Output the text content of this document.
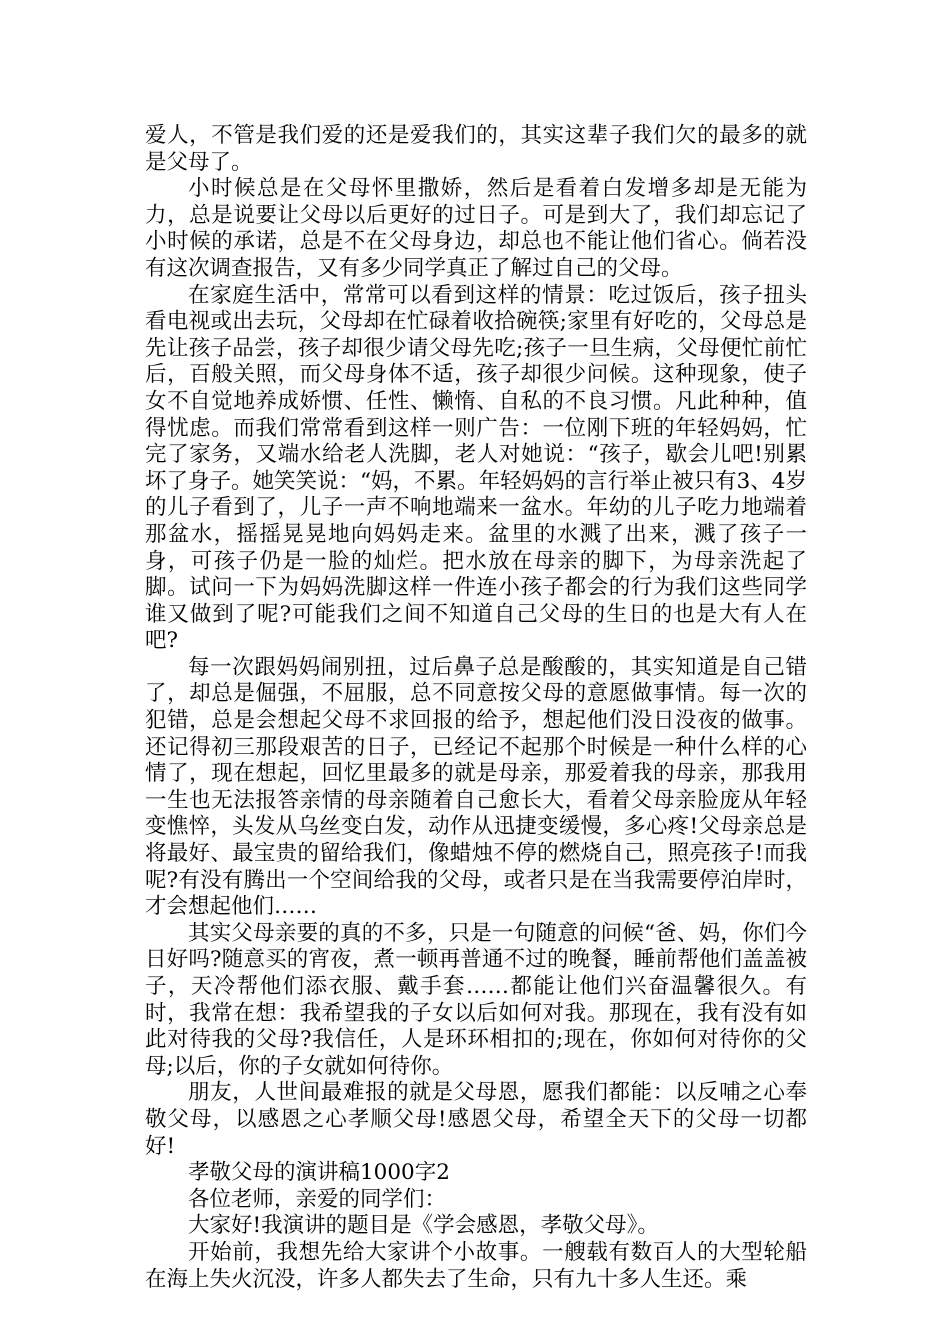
爱人，不管是我们爱的还是爱我们的，其实这辈子我们欠的最多的就是父母了。

小时候总是在父母怀里撒娇，然后是看着白发增多却是无能为力，总是说要让父母以后更好的过日子。可是到大了，我们却忘记了小时候的承诺，总是不在父母身边，却总也不能让他们省心。倘若没有这次调查报告，又有多少同学真正了解过自己的父母。

在家庭生活中，常常可以看到这样的情景：吃过饭后，孩子扭头看电视或出去玩，父母却在忙碌着收拾碗筷;家里有好吃的，父母总是先让孩子品尝，孩子却很少请父母先吃;孩子一旦生病，父母便忙前忙后，百般关照，而父母身体不适，孩子却很少问候。这种现象，使子女不自觉地养成娇惯、任性、懒惰、自私的不良习惯。凡此种种，值得忧虑。而我们常常看到这样一则广告：一位刚下班的年轻妈妈，忙完了家务，又端水给老人洗脚，老人对她说：“孩子，歇会儿吧!别累坏了身子。她笑笑说：“妈，不累。年轻妈妈的言行举止被只有3、4岁的儿子看到了，儿子一声不响地端来一盆水。年幼的儿子吃力地端着那盆水，摇摇晃晃地向妈妈走来。盆里的水溅了出来，溅了孩子一身，可孩子仍是一脸的灿烂。把水放在母亲的脚下，为母亲洗起了脚。试问一下为妈妈洗脚这样一件连小孩子都会的行为我们这些同学谁又做到了呢?可能我们之间不知道自己父母的生日的也是大有人在吧?

每一次跟妈妈闹别扭，过后鼻子总是酸酸的，其实知道是自己错了，却总是倔强，不屈服，总不同意按父母的意愿做事情。每一次的犯错，总是会想起父母不求回报的给予，想起他们没日没夜的做事。还记得初三那段艰苦的日子，已经记不起那个时候是一种什么样的心情了，现在想起，回忆里最多的就是母亲，那爱着我的母亲，那我用一生也无法报答亲情的母亲随着自己愈长大，看着父母亲脸庞从年轻变憔悴，头发从乌丝变白发，动作从迅捷变缓慢，多心疼!父母亲总是将最好、最宝贵的留给我们，像蜡烛不停的燃烧自己，照亮孩子!而我呢?有没有腾出一个空间给我的父母，或者只是在当我需要停泊岸时，才会想起他们……

其实父母亲要的真的不多，只是一句随意的问候“爸、妈，你们今日好吗?随意买的宵夜，煮一顿再普通不过的晚餐，睡前帮他们盖盖被子，天冷帮他们添衣服、戴手套……都能让他们兴奋温馨很久。有时，我常在想：我希望我的子女以后如何对我。那现在，我有没有如此对待我的父母?我信任，人是环环相扣的;现在，你如何对待你的父母;以后，你的子女就如何待你。

朋友，人世间最难报的就是父母恩，愿我们都能：以反哺之心奉敬父母，以感恩之心孝顺父母!感恩父母，希望全天下的父母一切都好!

孝敬父母的演讲稿1000字2

各位老师，亲爱的同学们：

大家好!我演讲的题目是《学会感恩，孝敬父母》。

开始前，我想先给大家讲个小故事。一艘载有数百人的大型轮船在海上失火沉没，许多人都失去了生命，只有九十多人生还。乘
